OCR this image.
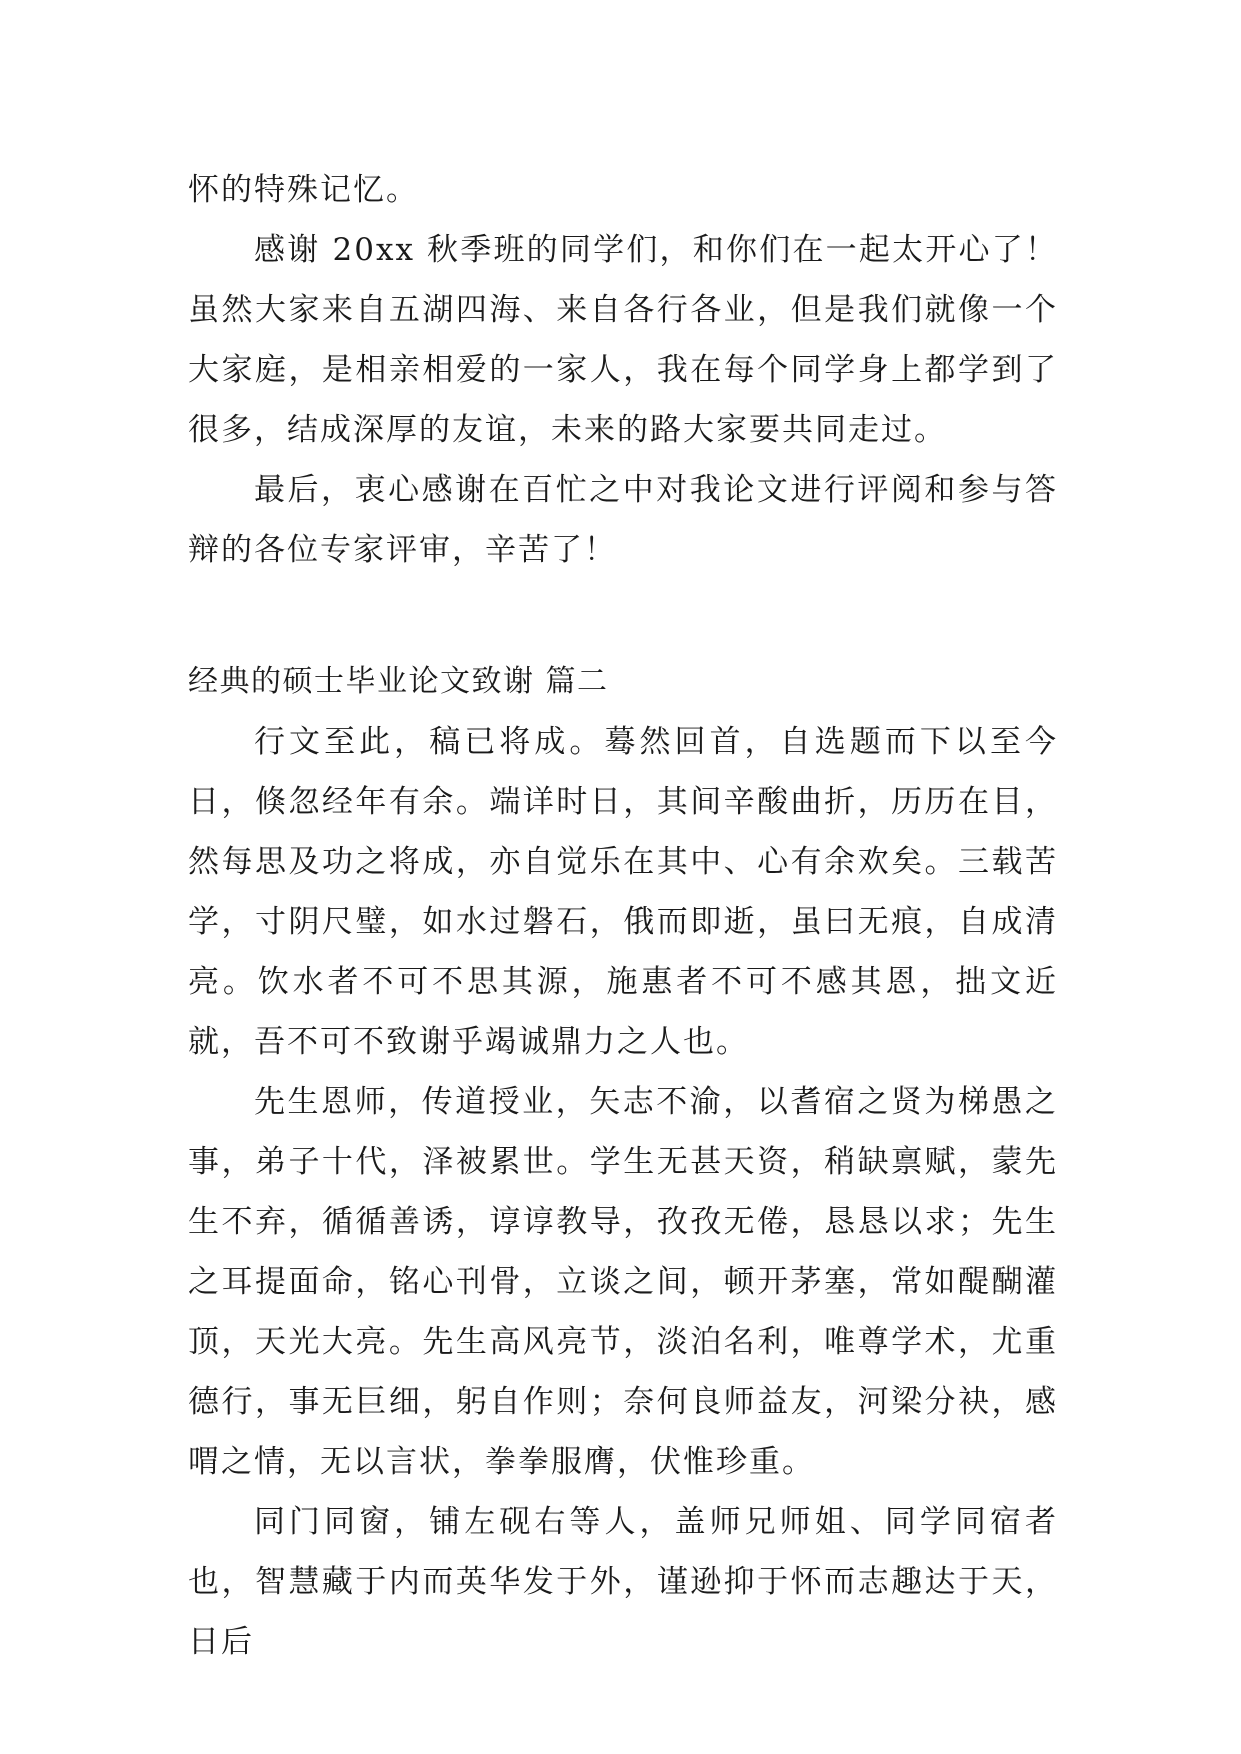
怀的特殊记忆。

感谢 20xx 秋季班的同学们，和你们在一起太开心了！虽然大家来自五湖四海、来自各行各业，但是我们就像一个大家庭，是相亲相爱的一家人，我在每个同学身上都学到了很多，结成深厚的友谊，未来的路大家要共同走过。

最后，衷心感谢在百忙之中对我论文进行评阅和参与答辩的各位专家评审，辛苦了！

经典的硕士毕业论文致谢 篇二

行文至此，稿已将成。蓦然回首，自选题而下以至今日，倏忽经年有余。端详时日，其间辛酸曲折，历历在目，然每思及功之将成，亦自觉乐在其中、心有余欢矣。三载苦学，寸阴尺璧，如水过磐石，俄而即逝，虽曰无痕，自成清亮。饮水者不可不思其源，施惠者不可不感其恩，拙文近就，吾不可不致谢乎竭诚鼎力之人也。

先生恩师，传道授业，矢志不渝，以耆宿之贤为梯愚之事，弟子十代，泽被累世。学生无甚天资，稍缺禀赋，蒙先生不弃，循循善诱，谆谆教导，孜孜无倦，恳恳以求；先生之耳提面命，铭心刊骨，立谈之间，顿开茅塞，常如醍醐灌顶，天光大亮。先生高风亮节，淡泊名利，唯尊学术，尤重德行，事无巨细，躬自作则；奈何良师益友，河梁分袂，感喟之情，无以言状，拳拳服膺，伏惟珍重。

同门同窗，铺左砚右等人，盖师兄师姐、同学同宿者也，智慧藏于内而英华发于外，谨逊抑于怀而志趣达于天，日后
